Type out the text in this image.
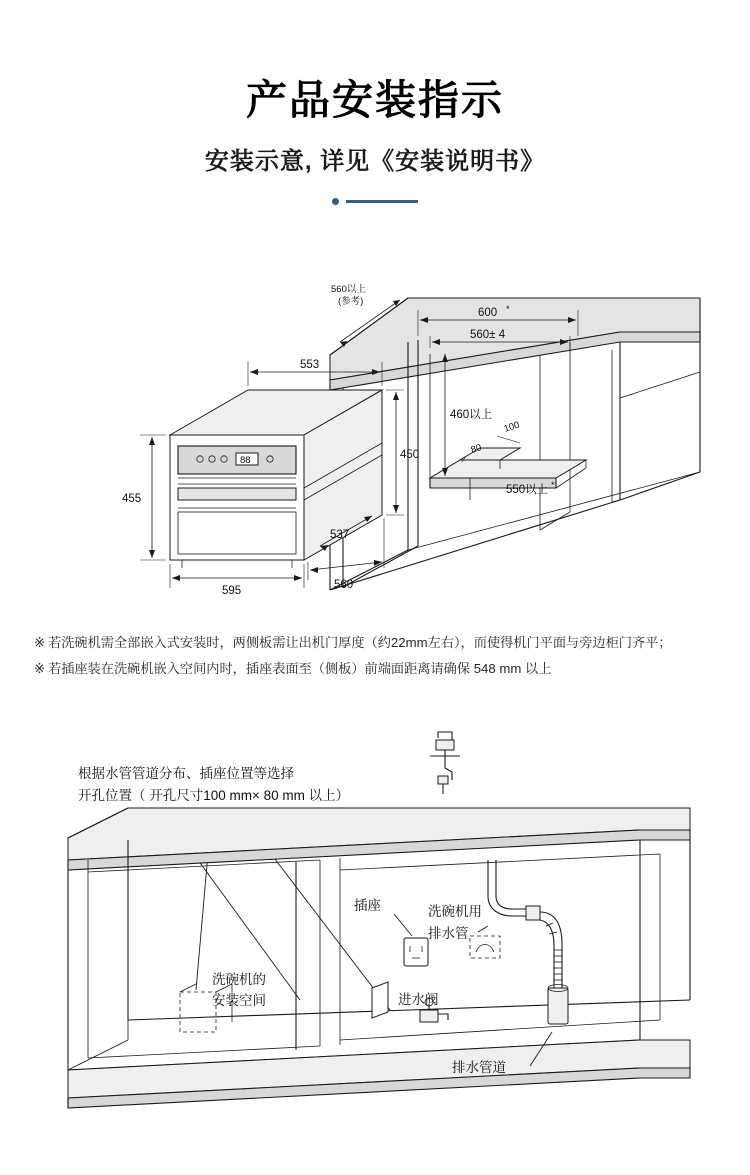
产品安装指示
安装示意, 详见《安装说明书》
560以上
(参考)
600 *
560± 4
460以上
100
80
550以上 *
88
553
455
450
537
595	560
※ 若洗碗机需全部嵌入式安装时，两侧板需让出机门厚度（约22mm左右），而使得机门平面与旁边柜门齐平；
※ 若插座装在洗碗机嵌入空间内时，插座表面至（侧板）前端面距离请确保 548 mm 以上
根据水管管道分布、插座位置等选择
开孔位置（ 开孔尺寸100 mm× 80 mm 以上）
洗碗机的
安装空间
插座
进水阀
洗碗机用
排水管
排水管道
